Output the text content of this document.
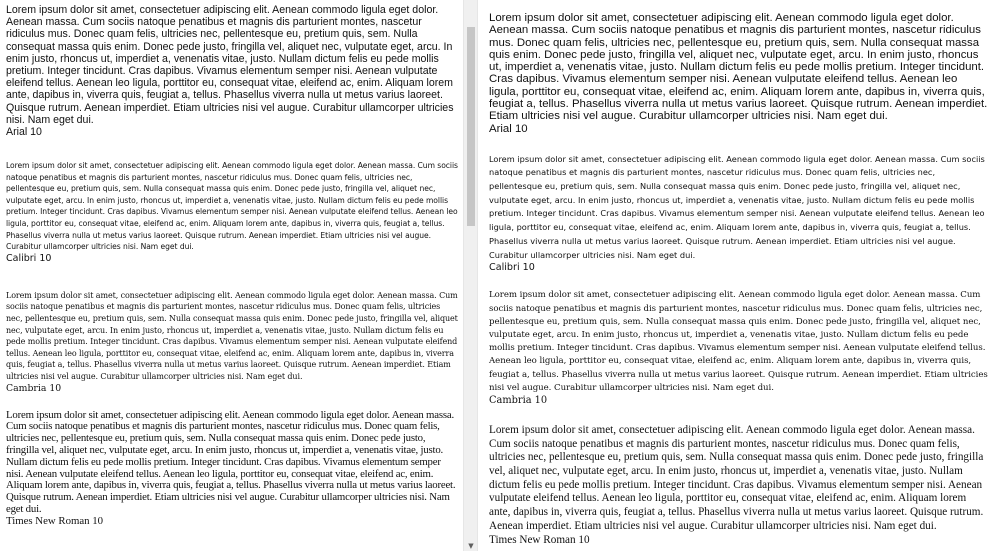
Lorem ipsum dolor sit amet, consectetuer adipiscing elit. Aenean commodo ligula eget dolor. Aenean massa. Cum sociis natoque penatibus et magnis dis parturient montes, nascetur ridiculus mus. Donec quam felis, ultricies nec, pellentesque eu, pretium quis, sem. Nulla consequat massa quis enim. Donec pede justo, fringilla vel, aliquet nec, vulputate eget, arcu. In enim justo, rhoncus ut, imperdiet a, venenatis vitae, justo. Nullam dictum felis eu pede mollis pretium. Integer tincidunt. Cras dapibus. Vivamus elementum semper nisi. Aenean vulputate eleifend tellus. Aenean leo ligula, porttitor eu, consequat vitae, eleifend ac, enim. Aliquam lorem ante, dapibus in, viverra quis, feugiat a, tellus. Phasellus viverra nulla ut metus varius laoreet. Quisque rutrum. Aenean imperdiet. Etiam ultricies nisi vel augue. Curabitur ullamcorper ultricies nisi. Nam eget dui.

Arial 10

Lorem ipsum dolor sit amet, consectetuer adipiscing elit. Aenean commodo ligula eget dolor. Aenean massa. Cum sociis natoque penatibus et magnis dis parturient montes, nascetur ridiculus mus. Donec quam felis, ultricies nec, pellentesque eu, pretium quis, sem. Nulla consequat massa quis enim. Donec pede justo, fringilla vel, aliquet nec, vulputate eget, arcu. In enim justo, rhoncus ut, imperdiet a, venenatis vitae, justo. Nullam dictum felis eu pede mollis pretium. Integer tincidunt. Cras dapibus. Vivamus elementum semper nisi. Aenean vulputate eleifend tellus. Aenean leo ligula, porttitor eu, consequat vitae, eleifend ac, enim. Aliquam lorem ante, dapibus in, viverra quis, feugiat a, tellus. Phasellus viverra nulla ut metus varius laoreet. Quisque rutrum. Aenean imperdiet. Etiam ultricies nisi vel augue. Curabitur ullamcorper ultricies nisi. Nam eget dui.

Calibri 10

Lorem ipsum dolor sit amet, consectetuer adipiscing elit. Aenean commodo ligula eget dolor. Aenean massa. Cum sociis natoque penatibus et magnis dis parturient montes, nascetur ridiculus mus. Donec quam felis, ultricies nec, pellentesque eu, pretium quis, sem. Nulla consequat massa quis enim. Donec pede justo, fringilla vel, aliquet nec, vulputate eget, arcu. In enim justo, rhoncus ut, imperdiet a, venenatis vitae, justo. Nullam dictum felis eu pede mollis pretium. Integer tincidunt. Cras dapibus. Vivamus elementum semper nisi. Aenean vulputate eleifend tellus. Aenean leo ligula, porttitor eu, consequat vitae, eleifend ac, enim. Aliquam lorem ante, dapibus in, viverra quis, feugiat a, tellus. Phasellus viverra nulla ut metus varius laoreet. Quisque rutrum. Aenean imperdiet. Etiam ultricies nisi vel augue. Curabitur ullamcorper ultricies nisi. Nam eget dui.

Cambria 10

Lorem ipsum dolor sit amet, consectetuer adipiscing elit. Aenean commodo ligula eget dolor. Aenean massa. Cum sociis natoque penatibus et magnis dis parturient montes, nascetur ridiculus mus. Donec quam felis, ultricies nec, pellentesque eu, pretium quis, sem. Nulla consequat massa quis enim. Donec pede justo, fringilla vel, aliquet nec, vulputate eget, arcu. In enim justo, rhoncus ut, imperdiet a, venenatis vitae, justo. Nullam dictum felis eu pede mollis pretium. Integer tincidunt. Cras dapibus. Vivamus elementum semper nisi. Aenean vulputate eleifend tellus. Aenean leo ligula, porttitor eu, consequat vitae, eleifend ac, enim. Aliquam lorem ante, dapibus in, viverra quis, feugiat a, tellus. Phasellus viverra nulla ut metus varius laoreet. Quisque rutrum. Aenean imperdiet. Etiam ultricies nisi vel augue. Curabitur ullamcorper ultricies nisi. Nam eget dui.

Times New Roman 10
▼

Lorem ipsum dolor sit amet, consectetuer adipiscing elit. Aenean commodo ligula eget dolor. Aenean massa. Cum sociis natoque penatibus et magnis dis parturient montes, nascetur ridiculus mus. Donec quam felis, ultricies nec, pellentesque eu, pretium quis, sem. Nulla consequat massa quis enim. Donec pede justo, fringilla vel, aliquet nec, vulputate eget, arcu. In enim justo, rhoncus ut, imperdiet a, venenatis vitae, justo. Nullam dictum felis eu pede mollis pretium. Integer tincidunt. Cras dapibus. Vivamus elementum semper nisi. Aenean vulputate eleifend tellus. Aenean leo ligula, porttitor eu, consequat vitae, eleifend ac, enim. Aliquam lorem ante, dapibus in, viverra quis, feugiat a, tellus. Phasellus viverra nulla ut metus varius laoreet. Quisque rutrum. Aenean imperdiet. Etiam ultricies nisi vel augue. Curabitur ullamcorper ultricies nisi. Nam eget dui.

Arial 10

Lorem ipsum dolor sit amet, consectetuer adipiscing elit. Aenean commodo ligula eget dolor. Aenean massa. Cum sociis natoque penatibus et magnis dis parturient montes, nascetur ridiculus mus. Donec quam felis, ultricies nec, pellentesque eu, pretium quis, sem. Nulla consequat massa quis enim. Donec pede justo, fringilla vel, aliquet nec, vulputate eget, arcu. In enim justo, rhoncus ut, imperdiet a, venenatis vitae, justo. Nullam dictum felis eu pede mollis pretium. Integer tincidunt. Cras dapibus. Vivamus elementum semper nisi. Aenean vulputate eleifend tellus. Aenean leo ligula, porttitor eu, consequat vitae, eleifend ac, enim. Aliquam lorem ante, dapibus in, viverra quis, feugiat a, tellus. Phasellus viverra nulla ut metus varius laoreet. Quisque rutrum. Aenean imperdiet. Etiam ultricies nisi vel augue. Curabitur ullamcorper ultricies nisi. Nam eget dui.

Calibri 10

Lorem ipsum dolor sit amet, consectetuer adipiscing elit. Aenean commodo ligula eget dolor. Aenean massa. Cum sociis natoque penatibus et magnis dis parturient montes, nascetur ridiculus mus. Donec quam felis, ultricies nec, pellentesque eu, pretium quis, sem. Nulla consequat massa quis enim. Donec pede justo, fringilla vel, aliquet nec, vulputate eget, arcu. In enim justo, rhoncus ut, imperdiet a, venenatis vitae, justo. Nullam dictum felis eu pede mollis pretium. Integer tincidunt. Cras dapibus. Vivamus elementum semper nisi. Aenean vulputate eleifend tellus. Aenean leo ligula, porttitor eu, consequat vitae, eleifend ac, enim. Aliquam lorem ante, dapibus in, viverra quis, feugiat a, tellus. Phasellus viverra nulla ut metus varius laoreet. Quisque rutrum. Aenean imperdiet. Etiam ultricies nisi vel augue. Curabitur ullamcorper ultricies nisi. Nam eget dui.

Cambria 10

Lorem ipsum dolor sit amet, consectetuer adipiscing elit. Aenean commodo ligula eget dolor. Aenean massa. Cum sociis natoque penatibus et magnis dis parturient montes, nascetur ridiculus mus. Donec quam felis, ultricies nec, pellentesque eu, pretium quis, sem. Nulla consequat massa quis enim. Donec pede justo, fringilla vel, aliquet nec, vulputate eget, arcu. In enim justo, rhoncus ut, imperdiet a, venenatis vitae, justo. Nullam dictum felis eu pede mollis pretium. Integer tincidunt. Cras dapibus. Vivamus elementum semper nisi. Aenean vulputate eleifend tellus. Aenean leo ligula, porttitor eu, consequat vitae, eleifend ac, enim. Aliquam lorem ante, dapibus in, viverra quis, feugiat a, tellus. Phasellus viverra nulla ut metus varius laoreet. Quisque rutrum. Aenean imperdiet. Etiam ultricies nisi vel augue. Curabitur ullamcorper ultricies nisi. Nam eget dui.

Times New Roman 10
